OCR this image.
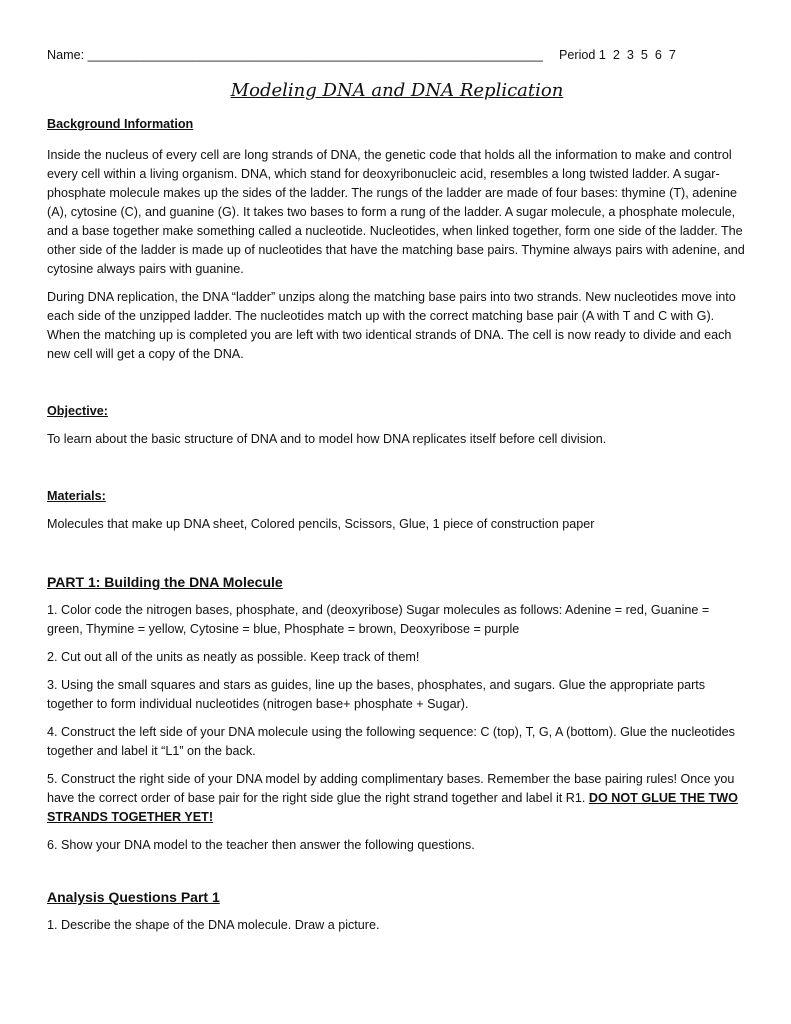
Name: _________________________________________________________________ Period 1  2  3  5  6  7
Modeling DNA and DNA Replication
Background Information

Inside the nucleus of every cell are long strands of DNA, the genetic code that holds all the information to make and control every cell within a living organism. DNA, which stand for deoxyribonucleic acid, resembles a long twisted ladder. A sugar-phosphate molecule makes up the sides of the ladder. The rungs of the ladder are made of four bases: thymine (T), adenine (A), cytosine (C), and guanine (G). It takes two bases to form a rung of the ladder. A sugar molecule, a phosphate molecule, and a base together make something called a nucleotide. Nucleotides, when linked together, form one side of the ladder. The other side of the ladder is made up of nucleotides that have the matching base pairs. Thymine always pairs with adenine, and cytosine always pairs with guanine.

During DNA replication, the DNA “ladder” unzips along the matching base pairs into two strands. New nucleotides move into each side of the unzipped ladder. The nucleotides match up with the correct matching base pair (A with T and C with G). When the matching up is completed you are left with two identical strands of DNA. The cell is now ready to divide and each new cell will get a copy of the DNA.

Objective:

To learn about the basic structure of DNA and to model how DNA replicates itself before cell division.

Materials:

Molecules that make up DNA sheet, Colored pencils, Scissors, Glue, 1 piece of construction paper

PART 1: Building the DNA Molecule

1. Color code the nitrogen bases, phosphate, and (deoxyribose) Sugar molecules as follows: Adenine = red, Guanine = green, Thymine = yellow, Cytosine = blue, Phosphate = brown, Deoxyribose = purple

2. Cut out all of the units as neatly as possible. Keep track of them!

3. Using the small squares and stars as guides, line up the bases, phosphates, and sugars. Glue the appropriate parts together to form individual nucleotides (nitrogen base+ phosphate + Sugar).

4. Construct the left side of your DNA molecule using the following sequence: C (top), T, G, A (bottom). Glue the nucleotides together and label it “L1” on the back.

5. Construct the right side of your DNA model by adding complimentary bases. Remember the base pairing rules! Once you have the correct order of base pair for the right side glue the right strand together and label it R1. DO NOT GLUE THE TWO STRANDS TOGETHER YET!

6. Show your DNA model to the teacher then answer the following questions.

Analysis Questions Part 1

1. Describe the shape of the DNA molecule. Draw a picture.
